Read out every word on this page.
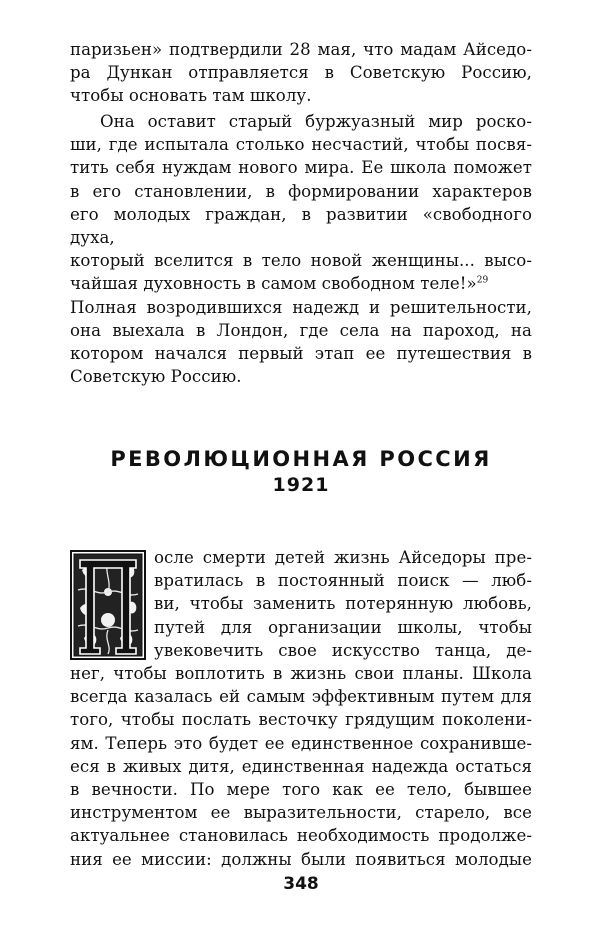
паризьен» подтвердили 28 мая, что мадам Айседо-
ра Дункан отправляется в Советскую Россию,
чтобы основать там школу.
Она оставит старый буржуазный мир роско-
ши, где испытала столько несчастий, чтобы посвя-
тить себя нуждам нового мира. Ее школа поможет
в его становлении, в формировании характеров
его молодых граждан, в развитии «свободного духа,
который вселится в тело новой женщины... высо-
чайшая духовность в самом свободном теле!»$^{29}$
Полная возродившихся надежд и решительности,
она выехала в Лондон, где села на пароход, на
котором начался первый этап ее путешествия в
Советскую Россию.

РЕВОЛЮЦИОННАЯ РОССИЯ

1921

осле смерти детей жизнь Айседоры пре-
вратилась в постоянный поиск — люб-
ви, чтобы заменить потерянную любовь,
путей для организации школы, чтобы
увековечить свое искусство танца, де-
нег, чтобы воплотить в жизнь свои планы. Школа
всегда казалась ей самым эффективным путем для
того, чтобы послать весточку грядущим поколени-
ям. Теперь это будет ее единственное сохранивше-
еся в живых дитя, единственная надежда остаться
в вечности. По мере того как ее тело, бывшее
инструментом ее выразительности, старело, все
актуальнее становилась необходимость продолже-
ния ее миссии: должны были появиться молодые
348
